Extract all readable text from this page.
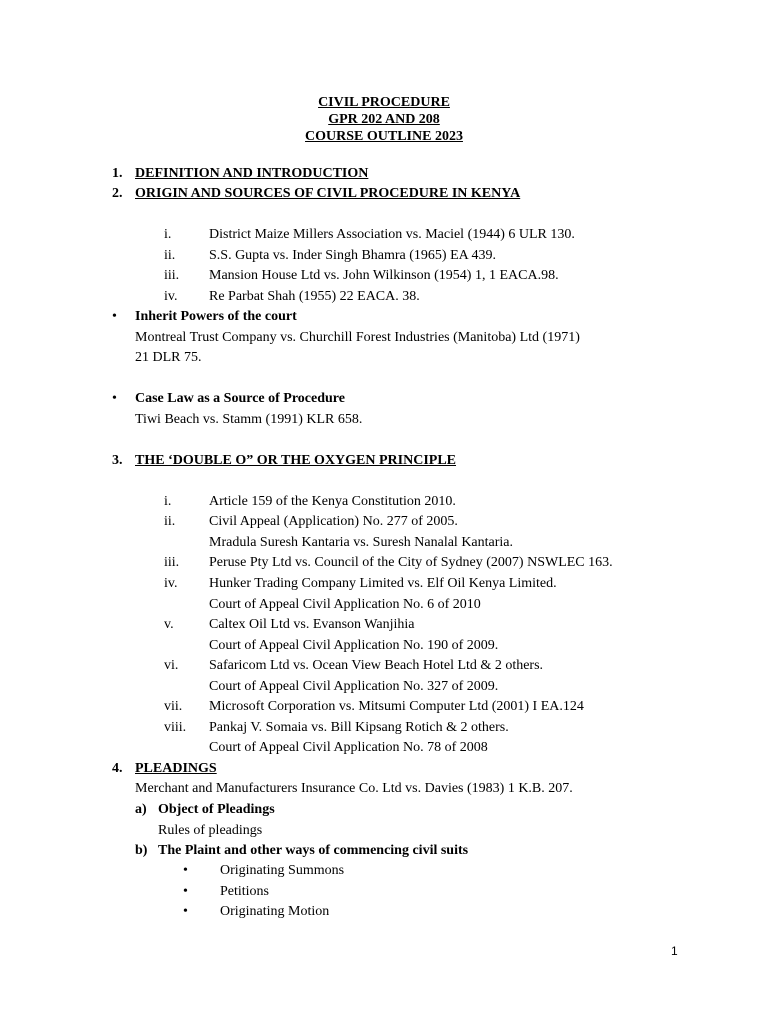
CIVIL PROCEDURE
GPR 202 AND 208
COURSE OUTLINE 2023
1. DEFINITION AND INTRODUCTION
2. ORIGIN AND SOURCES OF CIVIL PROCEDURE IN KENYA
i.	District Maize Millers Association vs. Maciel (1944) 6 ULR 130.
ii. S.S. Gupta vs. Inder Singh Bhamra (1965) EA 439.
iii. Mansion House Ltd vs. John Wilkinson (1954) 1, 1 EACA.98.
iv. Re Parbat Shah (1955) 22 EACA. 38.
• Inherit Powers of the court
Montreal Trust Company vs. Churchill Forest Industries (Manitoba) Ltd (1971)
21 DLR 75.
• Case Law as a Source of Procedure
Tiwi Beach vs. Stamm (1991) KLR 658.
3. THE ‘DOUBLE O” OR THE OXYGEN PRINCIPLE
i.	Article 159 of the Kenya Constitution 2010.
ii. Civil Appeal (Application) No. 277 of 2005.
Mradula Suresh Kantaria vs. Suresh Nanalal Kantaria.
iii. Peruse Pty Ltd vs. Council of the City of Sydney (2007) NSWLEC 163.
iv. Hunker Trading Company Limited vs. Elf Oil Kenya Limited.
Court of Appeal Civil Application No. 6 of 2010
v.	Caltex Oil Ltd vs. Evanson Wanjihia
Court of Appeal Civil Application No. 190 of 2009.
vi. Safaricom Ltd vs. Ocean View Beach Hotel Ltd & 2 others.
Court of Appeal Civil Application No. 327 of 2009.
vii. Microsoft Corporation vs. Mitsumi Computer Ltd (2001) I EA.124
viii. Pankaj V. Somaia vs. Bill Kipsang Rotich & 2 others.
Court of Appeal Civil Application No. 78 of 2008
4. PLEADINGS
Merchant and Manufacturers Insurance Co. Ltd vs. Davies (1983) 1 K.B. 207.
a) Object of Pleadings
Rules of pleadings
b) The Plaint and other ways of commencing civil suits
• Originating Summons
• Petitions
• Originating Motion
1
